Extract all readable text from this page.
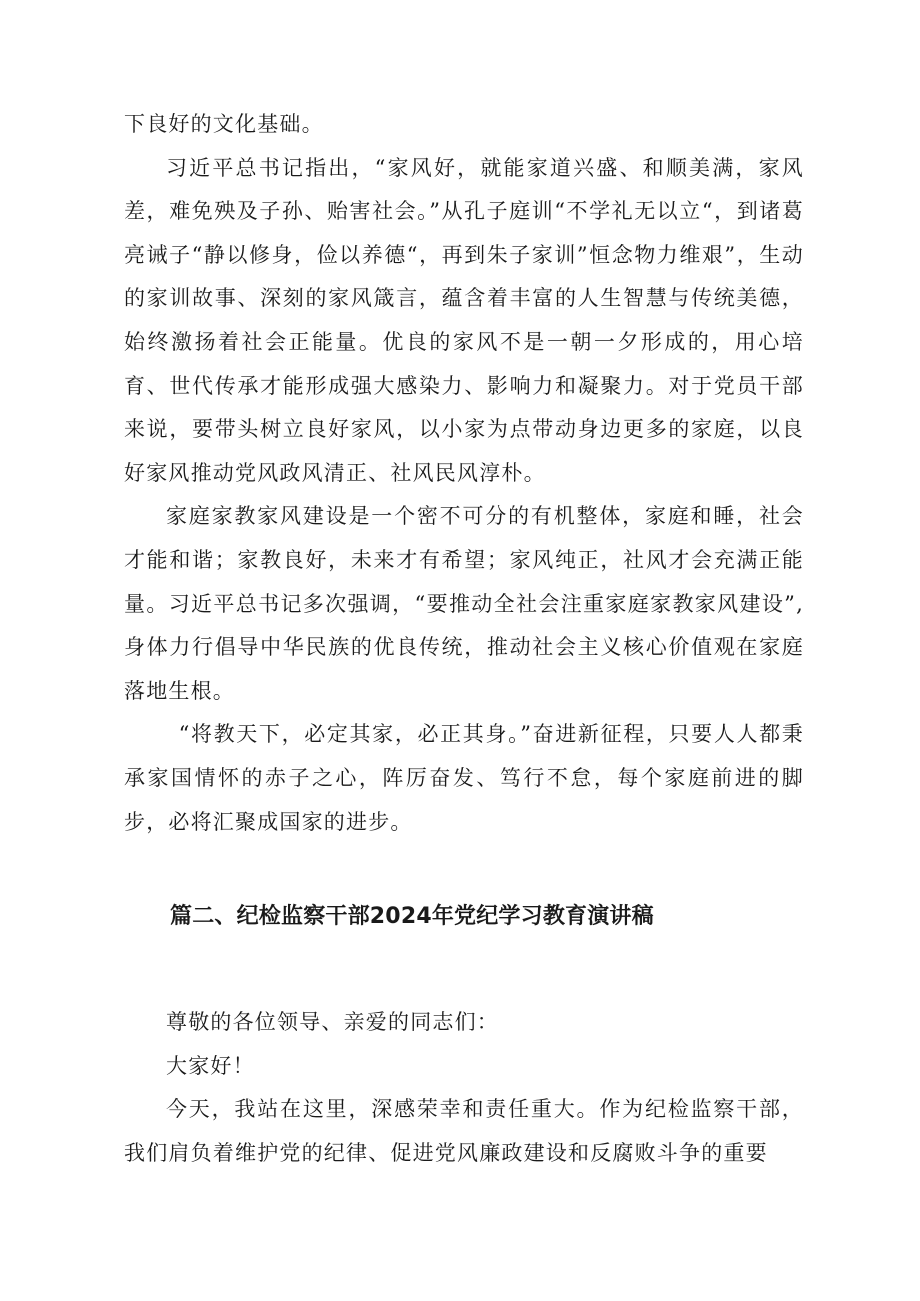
下良好的文化基础。

习近平总书记指出，“家风好，就能家道兴盛、和顺美满，家风差，难免殃及子孙、贻害社会。”从孔子庭训“不学礼无以立“，到诸葛亮诫子“静以修身，俭以养德“，再到朱子家训”恒念物力维艰”，生动的家训故事、深刻的家风箴言，蕴含着丰富的人生智慧与传统美德，始终激扬着社会正能量。优良的家风不是一朝一夕形成的，用心培育、世代传承才能形成强大感染力、影响力和凝聚力。对于党员干部来说，要带头树立良好家风，以小家为点带动身边更多的家庭，以良好家风推动党风政风清正、社风民风淳朴。

家庭家教家风建设是一个密不可分的有机整体，家庭和睡，社会才能和谐；家教良好，未来才有希望；家风纯正，社风才会充满正能量。习近平总书记多次强调，“要推动全社会注重家庭家教家风建设”,身体力行倡导中华民族的优良传统，推动社会主义核心价值观在家庭落地生根。

“将教天下，必定其家，必正其身。”奋进新征程，只要人人都秉承家国情怀的赤子之心，阵厉奋发、笃行不怠，每个家庭前进的脚步，必将汇聚成国家的进步。

篇二、纪检监察干部2024年党纪学习教育演讲稿

尊敬的各位领导、亲爱的同志们：

大家好！

今天，我站在这里，深感荣幸和责任重大。作为纪检监察干部，我们肩负着维护党的纪律、促进党风廉政建设和反腐败斗争的重要
